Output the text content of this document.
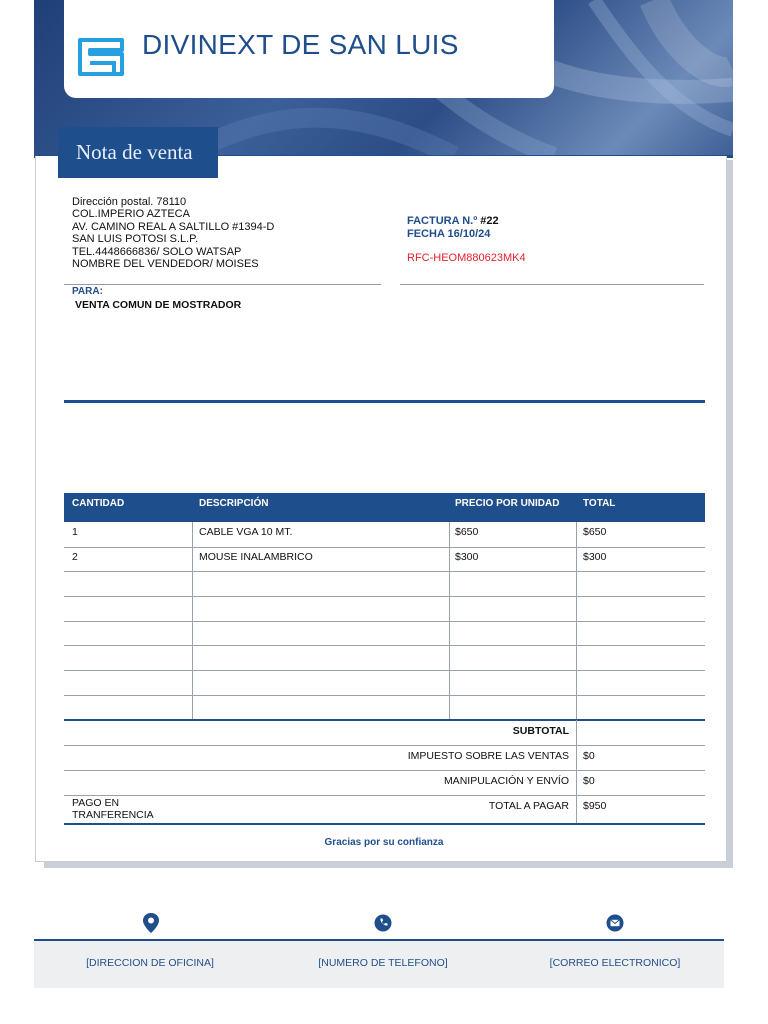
DIVINEXT DE SAN LUIS
Nota de venta
Dirección postal. 78110
COL.IMPERIO AZTECA
AV. CAMINO REAL A SALTILLO #1394-D
SAN LUIS POTOSI S.L.P.
TEL.4448666836/ SOLO WATSAP
NOMBRE DEL VENDEDOR/ MOISES
FACTURA N.º #22
FECHA 16/10/24
RFC-HEOM880623MK4
PARA:
VENTA COMUN DE MOSTRADOR
CANTIDAD	DESCRIPCIÓN	PRECIO POR UNIDAD TOTAL
1	CABLE VGA 10 MT.	$650	$650
2	MOUSE INALAMBRICO	$300	$300
SUBTOTAL
IMPUESTO SOBRE LAS VENTAS $0
MANIPULACIÓN Y ENVÍO $0
TOTAL A PAGAR $950
PAGO EN
TRANFERENCIA
Gracias por su confianza
[DIRECCION DE OFICINA]	[NUMERO DE TELEFONO]	[CORREO ELECTRONICO]
